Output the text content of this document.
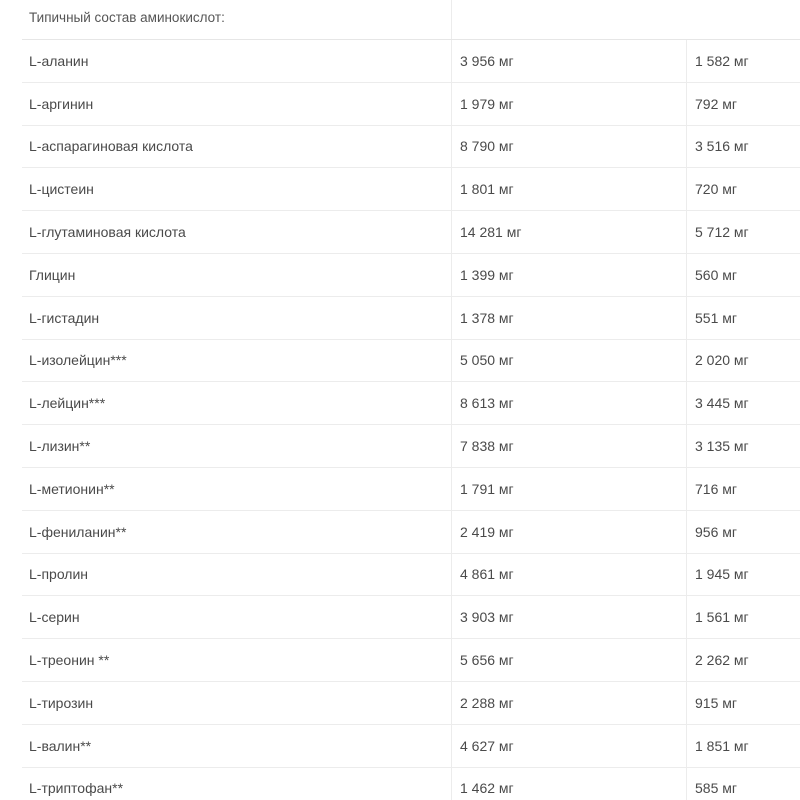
Типичный состав аминокислот:
L-аланин	3 956 мг	1 582 мг
L-аргинин	1 979 мг	792 мг
L-аспарагиновая кислота	8 790 мг	3 516 мг
L-цистеин	1 801 мг	720 мг
L-глутаминовая кислота	14 281 мг	5 712 мг
Глицин	1 399 мг	560 мг
L-гистадин	1 378 мг	551 мг
L-изолейцин***	5 050 мг	2 020 мг
L-лейцин***	8 613 мг	3 445 мг
L-лизин**	7 838 мг	3 135 мг
L-метионин**	1 791 мг	716 мг
L-фениланин**	2 419 мг	956 мг
L-пролин	4 861 мг	1 945 мг
L-серин	3 903 мг	1 561 мг
L-треонин **	5 656 мг	2 262 мг
L-тирозин	2 288 мг	915 мг
L-валин**	4 627 мг	1 851 мг
L-триптофан**	1 462 мг	585 мг
